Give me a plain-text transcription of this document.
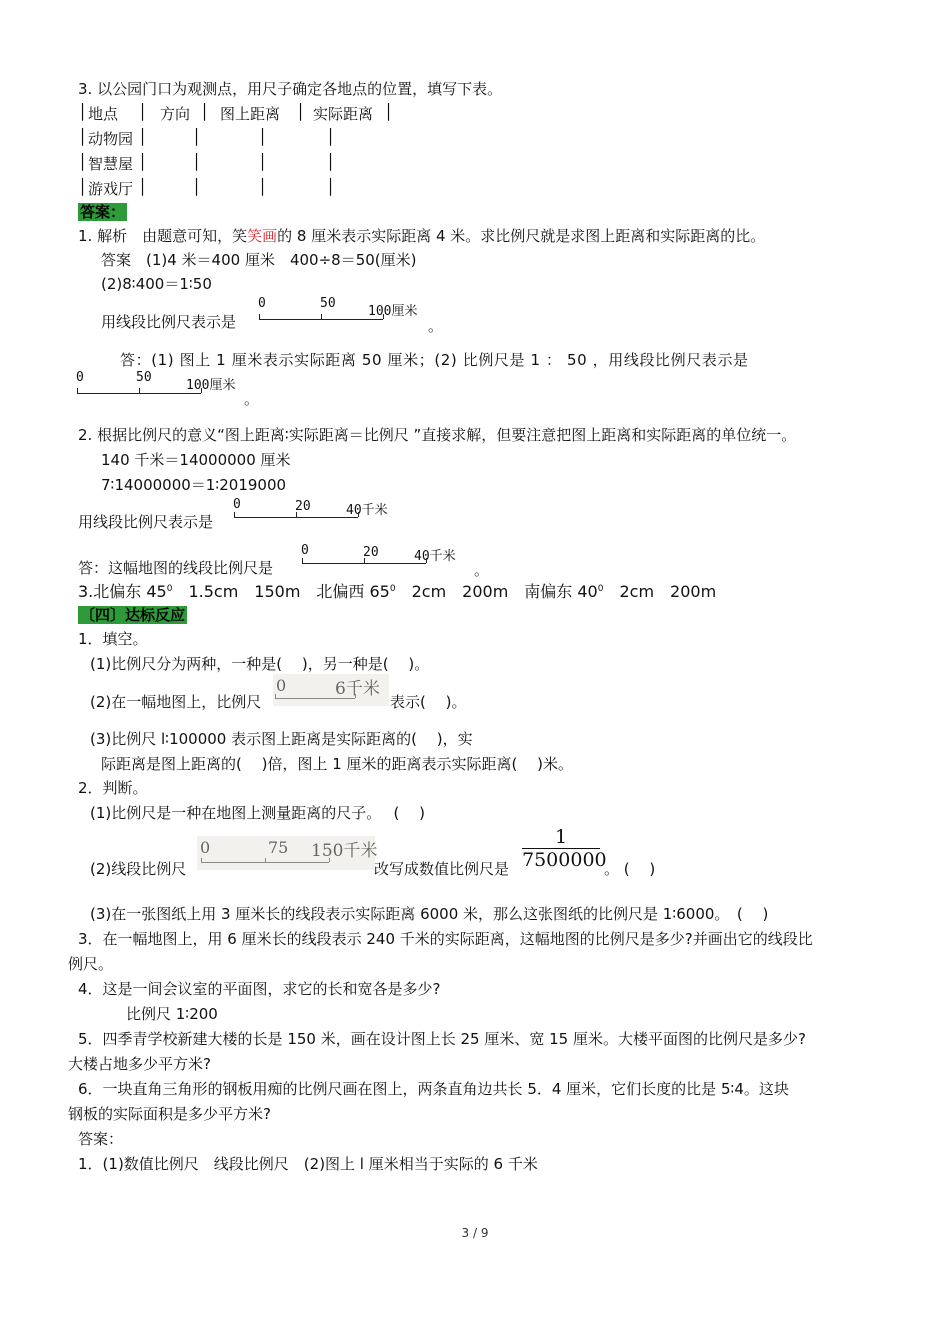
3. 以公园门口为观测点，用尺子确定各地点的位置，填写下表。
│ 地点 │ 方向 │ 图上距离 │ 实际距离 │
│ 动物园 │	│	│	│
│ 智慧屋 │	│	│	│
│ 游戏厅 │	│	│	│
答案：
1. 解析　由题意可知，笑笑画的 8 厘米表示实际距离 4 米。求比例尺就是求图上距离和实际距离的比。
答案　(1)4 米＝400 厘米　400÷8＝50(厘米)
(2)8∶400＝1∶50
用线段比例尺表示是
0	50
100厘米
。
答：(1) 图上 1 厘米表示实际距离 50 厘米；(2) 比例尺是 1 ： 50 ，用线段比例尺表示是
0	50
100厘米
。
2. 根据比例尺的意义“图上距离∶实际距离＝比例尺 ”直接求解，但要注意把图上距离和实际距离的单位统一。
140 千米＝14000000 厘米
7∶14000000＝1∶2019000
用线段比例尺表示是
0	20	40千米
答：这幅地图的线段比例尺是
0	20	40千米
。
3.北偏东 $45^0$　1.5cm　150m　北偏西 $65^0$　2cm　200m　南偏东 $40^0$　2cm　200m
〔四〕达标反应
1．填空。
(1)比例尺分为两种，一种是(　 )，另一种是(　 )。
(2)在一幅地图上，比例尺
0	6千米
表示(　 )。
(3)比例尺 l∶100000 表示图上距离是实际距离的(　 )，实
际距离是图上距离的(　 )倍，图上 1 厘米的距离表示实际距离(　 )米。
2．判断。
(1)比例尺是一种在地图上测量距离的尺子。　 (　 )
(2)线段比例尺
0	75 150千米
改写成数值比例尺是 $\frac{1}{7500000}$ 。 (　 )
(3)在一张图纸上用 3 厘米长的线段表示实际距离 6000 米，那么这张图纸的比例尺是 1∶6000。　(　 )
3．在一幅地图上，用 6 厘米长的线段表示 240 千米的实际距离，这幅地图的比例尺是多少?并画出它的线段比
例尺。
4．这是一间会议室的平面图，求它的长和宽各是多少?
比例尺 1∶200
5．四季青学校新建大楼的长是 150 米，画在设计图上长 25 厘米、宽 15 厘米。大楼平面图的比例尺是多少?
大楼占地多少平方米?
6．一块直角三角形的钢板用痴的比例尺画在图上，两条直角边共长 5．4 厘米，它们长度的比是 5∶4。这块
钢板的实际面积是多少平方米?
答案：
1．(1)数值比例尺　线段比例尺　(2)图上 l 厘米相当于实际的 6 千米
3 / 9
